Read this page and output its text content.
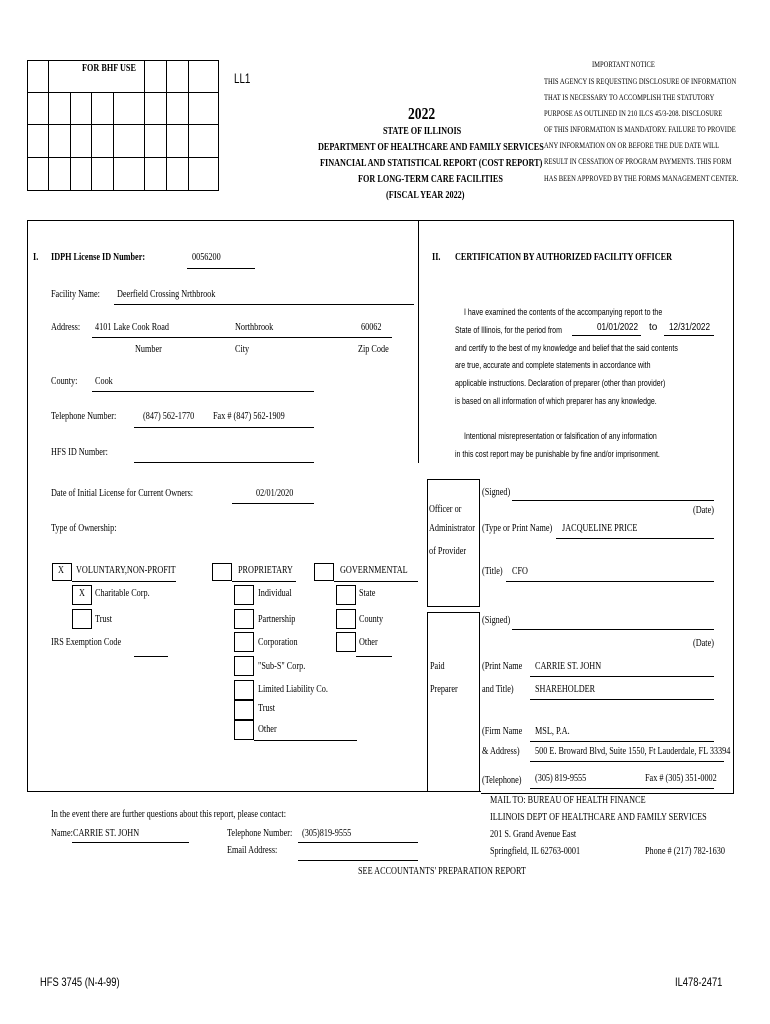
FOR BHF USE
LL1
2022
STATE OF ILLINOIS
DEPARTMENT OF HEALTHCARE AND FAMILY SERVICES
FINANCIAL AND STATISTICAL REPORT (COST REPORT)
FOR LONG-TERM CARE FACILITIES
(FISCAL YEAR 2022)
IMPORTANT NOTICE
THIS AGENCY IS REQUESTING DISCLOSURE OF INFORMATION
THAT IS NECESSARY TO ACCOMPLISH THE STATUTORY
PURPOSE AS OUTLINED IN 210 ILCS 45/3-208. DISCLOSURE
OF THIS INFORMATION IS MANDATORY. FAILURE TO PROVIDE
ANY INFORMATION ON OR BEFORE THE DUE DATE WILL
RESULT IN CESSATION OF PROGRAM PAYMENTS. THIS FORM
HAS BEEN APPROVED BY THE FORMS MANAGEMENT CENTER.
I. IDPH License ID Number:	0056200
Facility Name: Deerfield Crossing Nrthbrook
Address: 4101 Lake Cook Road	Northbrook	60062
Number	City	Zip Code
County: Cook
Telephone Number:	(847) 562-1770 Fax # (847) 562-1909
HFS ID Number:
Date of Initial License for Current Owners:	02/01/2020
Type of Ownership:
X VOLUNTARY,NON-PROFIT
X Charitable Corp.
Trust
IRS Exemption Code
PROPRIETARY
Individual
Partnership
Corporation
"Sub-S" Corp.
Limited Liability Co.
Trust
Other
GOVERNMENTAL
State
County
Other
In the event there are further questions about this report, please contact:
Name: CARRIE ST. JOHN	Telephone Number: (305)819-9555
Email Address:
II. CERTIFICATION BY AUTHORIZED FACILITY OFFICER
I have examined the contents of the accompanying report to the
State of Illinois, for the period from	01/01/2022 to 12/31/2022
and certify to the best of my knowledge and belief that the said contents
are true, accurate and complete statements in accordance with
applicable instructions. Declaration of preparer (other than provider)
is based on all information of which preparer has any knowledge.
Intentional misrepresentation or falsification of any information
in this cost report may be punishable by fine and/or imprisonment.
Officer or
Administrator
of Provider
(Signed)
(Date)
(Type or Print Name) JACQUELINE PRICE
(Title) CFO
Paid
Preparer
(Signed)
(Date)
(Print Name CARRIE ST. JOHN
and Title) SHAREHOLDER
(Firm Name MSL, P.A.
& Address) 500 E. Broward Blvd, Suite 1550, Ft Lauderdale, FL 33394
(Telephone) (305) 819-9555	Fax # (305) 351-0002
MAIL TO: BUREAU OF HEALTH FINANCE
ILLINOIS DEPT OF HEALTHCARE AND FAMILY SERVICES
201 S. Grand Avenue East
Springfield, IL 62763-0001	Phone # (217) 782-1630
SEE ACCOUNTANTS' PREPARATION REPORT
HFS 3745 (N-4-99)	IL478-2471
